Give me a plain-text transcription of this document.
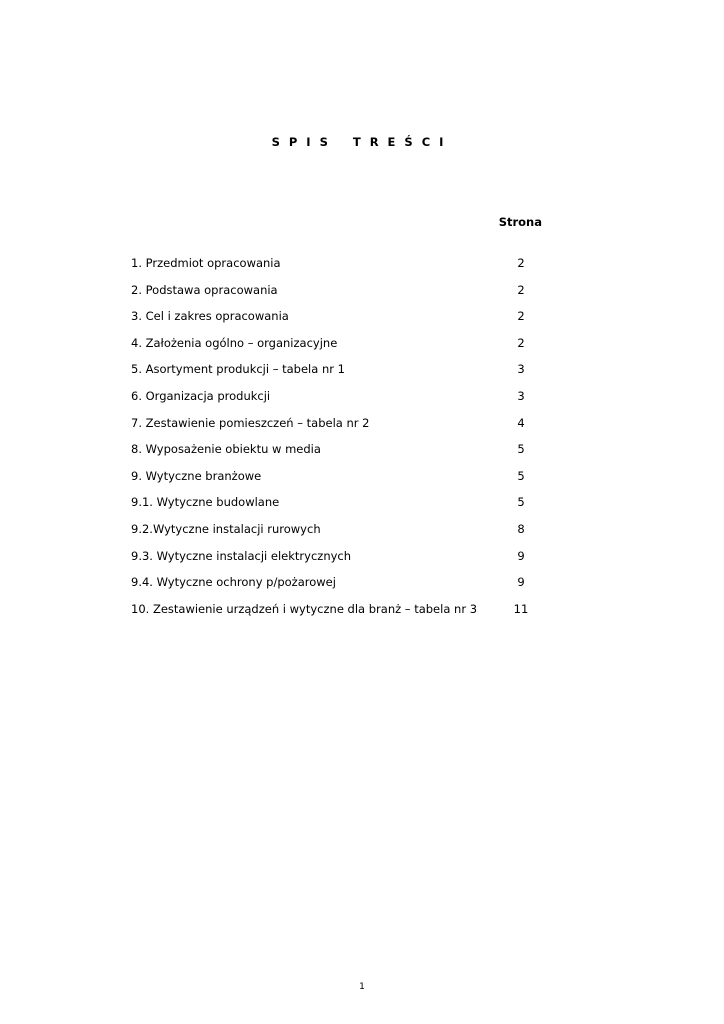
SPIS TREŚCI
Strona
1. Przedmiot opracowania	2
2. Podstawa opracowania	2
3. Cel i zakres opracowania	2
4. Założenia ogólno – organizacyjne	2
5. Asortyment produkcji – tabela nr 1	3
6. Organizacja produkcji	3
7. Zestawienie pomieszczeń – tabela nr 2	4
8. Wyposażenie obiektu w media	5
9. Wytyczne branżowe	5
9.1. Wytyczne budowlane	5
9.2.Wytyczne instalacji rurowych	8
9.3. Wytyczne instalacji elektrycznych	9
9.4. Wytyczne ochrony p/pożarowej	9
10. Zestawienie urządzeń i wytyczne dla branż – tabela nr 3	11
1
